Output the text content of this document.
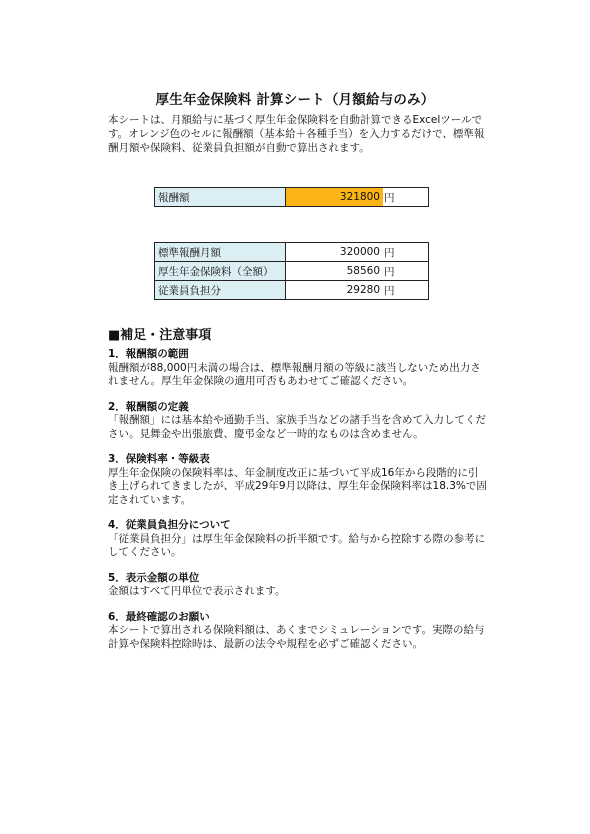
厚生年金保険料 計算シート（月額給与のみ）
本シートは、月額給与に基づく厚生年金保険料を自動計算できるExcelツールです。オレンジ色のセルに報酬額（基本給＋各種手当）を入力するだけで、標準報酬月額や保険料、従業員負担額が自動で算出されます。
報酬額	321800	円
標準報酬月額	320000	円
厚生年金保険料（全額）	58560	円
従業員負担分	29280	円
■補足・注意事項
1．報酬額の範囲
報酬額が88,000円未満の場合は、標準報酬月額の等級に該当しないため出力されません。厚生年金保険の適用可否もあわせてご確認ください。
2．報酬額の定義
「報酬額」には基本給や通勤手当、家族手当などの諸手当を含めて入力してください。見舞金や出張旅費、慶弔金など一時的なものは含めません。
3．保険料率・等級表
厚生年金保険の保険料率は、年金制度改正に基づいて平成16年から段階的に引き上げられてきましたが、平成29年9月以降は、厚生年金保険料率は18.3%で固定されています。
4．従業員負担分について
「従業員負担分」は厚生年金保険料の折半額です。給与から控除する際の参考にしてください。
5．表示金額の単位
金額はすべて円単位で表示されます。
6．最終確認のお願い
本シートで算出される保険料額は、あくまでシミュレーションです。実際の給与計算や保険料控除時は、最新の法令や規程を必ずご確認ください。
